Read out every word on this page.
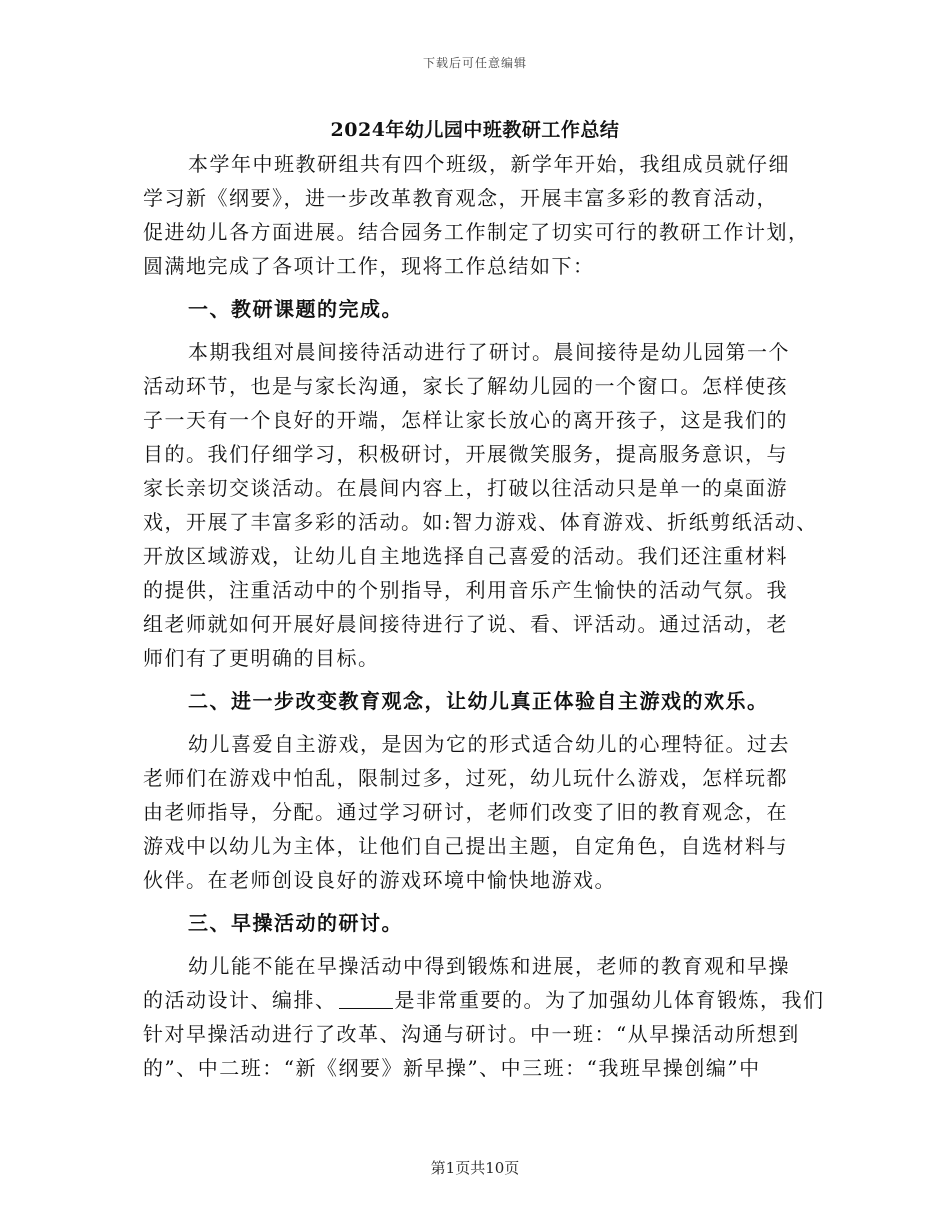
下载后可任意编辑
2024年幼儿园中班教研工作总结
本学年中班教研组共有四个班级，新学年开始，我组成员就仔细
学习新《纲要》，进一步改革教育观念，开展丰富多彩的教育活动，
促进幼儿各方面进展。结合园务工作制定了切实可行的教研工作计划，
圆满地完成了各项计工作，现将工作总结如下：
一、教研课题的完成。
本期我组对晨间接待活动进行了研讨。晨间接待是幼儿园第一个
活动环节，也是与家长沟通，家长了解幼儿园的一个窗口。怎样使孩
子一天有一个良好的开端，怎样让家长放心的离开孩子，这是我们的
目的。我们仔细学习，积极研讨，开展微笑服务，提高服务意识，与
家长亲切交谈活动。在晨间内容上，打破以往活动只是单一的桌面游
戏，开展了丰富多彩的活动。如:智力游戏、体育游戏、折纸剪纸活动、
开放区域游戏，让幼儿自主地选择自己喜爱的活动。我们还注重材料
的提供，注重活动中的个别指导，利用音乐产生愉快的活动气氛。我
组老师就如何开展好晨间接待进行了说、看、评活动。通过活动，老
师们有了更明确的目标。
二、进一步改变教育观念，让幼儿真正体验自主游戏的欢乐。
幼儿喜爱自主游戏，是因为它的形式适合幼儿的心理特征。过去
老师们在游戏中怕乱，限制过多，过死，幼儿玩什么游戏，怎样玩都
由老师指导，分配。通过学习研讨，老师们改变了旧的教育观念，在
游戏中以幼儿为主体，让他们自己提出主题，自定角色，自选材料与
伙伴。在老师创设良好的游戏环境中愉快地游戏。
三、早操活动的研讨。
幼儿能不能在早操活动中得到锻炼和进展，老师的教育观和早操
的活动设计、编排、	是非常重要的。为了加强幼儿体育锻炼，我们
针对早操活动进行了改革、沟通与研讨。中一班：“从早操活动所想到
的”、中二班：“新《纲要》新早操”、中三班：“我班早操创编”中
第1页共10页
